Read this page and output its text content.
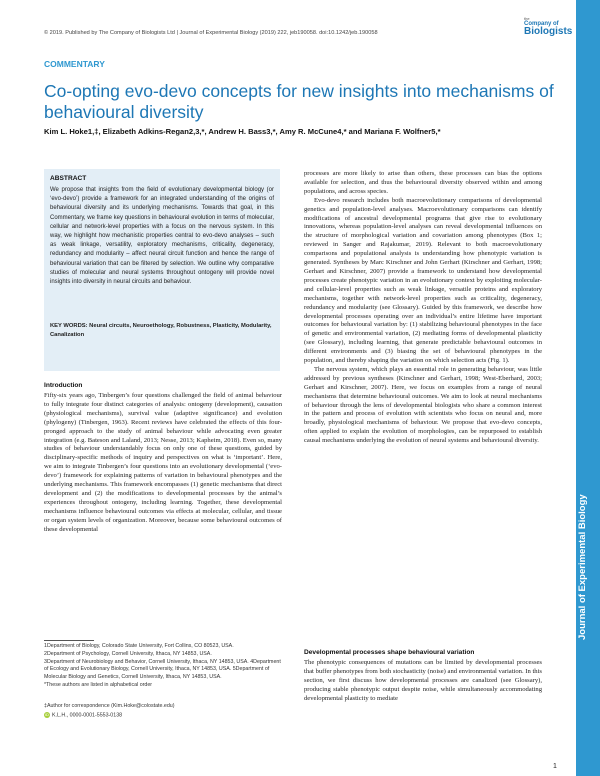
© 2019. Published by The Company of Biologists Ltd | Journal of Experimental Biology (2019) 222, jeb190058. doi:10.1242/jeb.190058
the
Company of
Biologists
Journal of Experimental Biology
COMMENTARY
Co-opting evo-devo concepts for new insights into mechanisms of behavioural diversity
Kim L. Hoke1,‡, Elizabeth Adkins-Regan2,3,*, Andrew H. Bass3,*, Amy R. McCune4,* and Mariana F. Wolfner5,*
ABSTRACT
We propose that insights from the field of evolutionary developmental biology (or ‘evo-devo’) provide a framework for an integrated understanding of the origins of behavioural diversity and its underlying mechanisms. Towards that goal, in this Commentary, we frame key questions in behavioural evolution in terms of molecular, cellular and network-level properties with a focus on the nervous system. In this way, we highlight how mechanistic properties central to evo-devo analyses – such as weak linkage, versatility, exploratory mechanisms, criticality, degeneracy, redundancy and modularity – affect neural circuit function and hence the range of behavioural variation that can be filtered by selection. We outline why comparative studies of molecular and neural systems throughout ontogeny will provide novel insights into diversity in neural circuits and behaviour.
KEY WORDS: Neural circuits, Neuroethology, Robustness, Plasticity, Modularity, Canalization
Introduction

Fifty-six years ago, Tinbergen’s four questions challenged the field of animal behaviour to fully integrate four distinct categories of analysis: ontogeny (development), causation (physiological mechanisms), survival value (adaptive significance) and evolution (phylogeny) (Tinbergen, 1963). Recent reviews have celebrated the effects of this four-pronged approach to the study of animal behaviour while advocating even greater integration (e.g. Bateson and Laland, 2013; Nesse, 2013; Kapheim, 2018). Even so, many studies of behaviour understandably focus on only one of these questions, guided by disciplinary-specific methods of inquiry and perspectives on what is ‘important’. Here, we aim to integrate Tinbergen’s four questions into an evolutionary developmental (‘evo-devo’) framework for explaining patterns of variation in behavioural phenotypes and the underlying mechanisms. This framework encompasses (1) genetic mechanisms that direct development and (2) the modifications to developmental processes by the animal’s experiences throughout ontogeny, including learning. Together, these developmental mechanisms influence behavioural outcomes via effects at molecular, cellular, and tissue or organ system levels of organization. Moreover, because some behavioural outcomes of these developmental

processes are more likely to arise than others, these processes can bias the options available for selection, and thus the behavioural diversity observed within and among populations, and across species.

Evo-devo research includes both macroevolutionary comparisons of developmental genetics and population-level analyses. Macroevolutionary comparisons can identify modifications of ancestral developmental programs that give rise to evolutionary innovations, whereas population-level analyses can reveal developmental influences on the structure of morphological variation and covariation among phenotypes (Box 1; reviewed in Sanger and Rajakumar, 2019). Relevant to both macroevolutionary comparisons and populational analysis is understanding how phenotypic variation is generated. Syntheses by Marc Kirschner and John Gerhart (Kirschner and Gerhart, 1998; Gerhart and Kirschner, 2007) provide a framework to understand how developmental processes create phenotypic variation in an evolutionary context by exploiting molecular- and cellular-level properties such as weak linkage, versatile proteins and exploratory mechanisms, together with network-level properties such as criticality, degeneracy, redundancy and modularity (see Glossary). Guided by this framework, we describe how developmental processes operating over an individual’s entire lifetime have important outcomes for behavioural variation by: (1) stabilizing behavioural phenotypes in the face of genetic and environmental variation, (2) mediating forms of developmental plasticity (see Glossary), including learning, that generate predictable behavioural outcomes in different environments and (3) biasing the set of behavioural phenotypes in the population, and thereby shaping the variation on which selection acts (Fig. 1).

The nervous system, which plays an essential role in generating behaviour, was little addressed by previous syntheses (Kirschner and Gerhart, 1998; West-Eberhard, 2003; Gerhart and Kirschner, 2007). Here, we focus on examples from a range of neural mechanisms that determine behavioural outcomes. We aim to look at neural mechanisms of behaviour through the lens of developmental biologists who share a common interest in the pattern and process of evolution with scientists who focus on neural and, more broadly, physiological mechanisms of behaviour. We propose that evo-devo concepts, often applied to explain the evolution of morphologies, can be repurposed to establish causal mechanisms underlying the evolution of neural systems and behavioural diversity.

Developmental processes shape behavioural variation

The phenotypic consequences of mutations can be limited by developmental processes that buffer phenotypes from both stochasticity (noise) and environmental variation. In this section, we first discuss how developmental processes are canalized (see Glossary), producing stable phenotypic output despite noise, while simultaneously accommodating developmental plasticity to mediate

1Department of Biology, Colorado State University, Fort Collins, CO 80523, USA.
2Department of Psychology, Cornell University, Ithaca, NY 14853, USA.
3Department of Neurobiology and Behavior, Cornell University, Ithaca, NY 14853, USA. 4Department of Ecology and Evolutionary Biology, Cornell University, Ithaca, NY 14853, USA. 5Department of Molecular Biology and Genetics, Cornell University, Ithaca, NY 14853, USA.
*These authors are listed in alphabetical order
‡Author for correspondence (Kim.Hoke@colostate.edu)
iD K.L.H., 0000-0001-5553-0138
1
